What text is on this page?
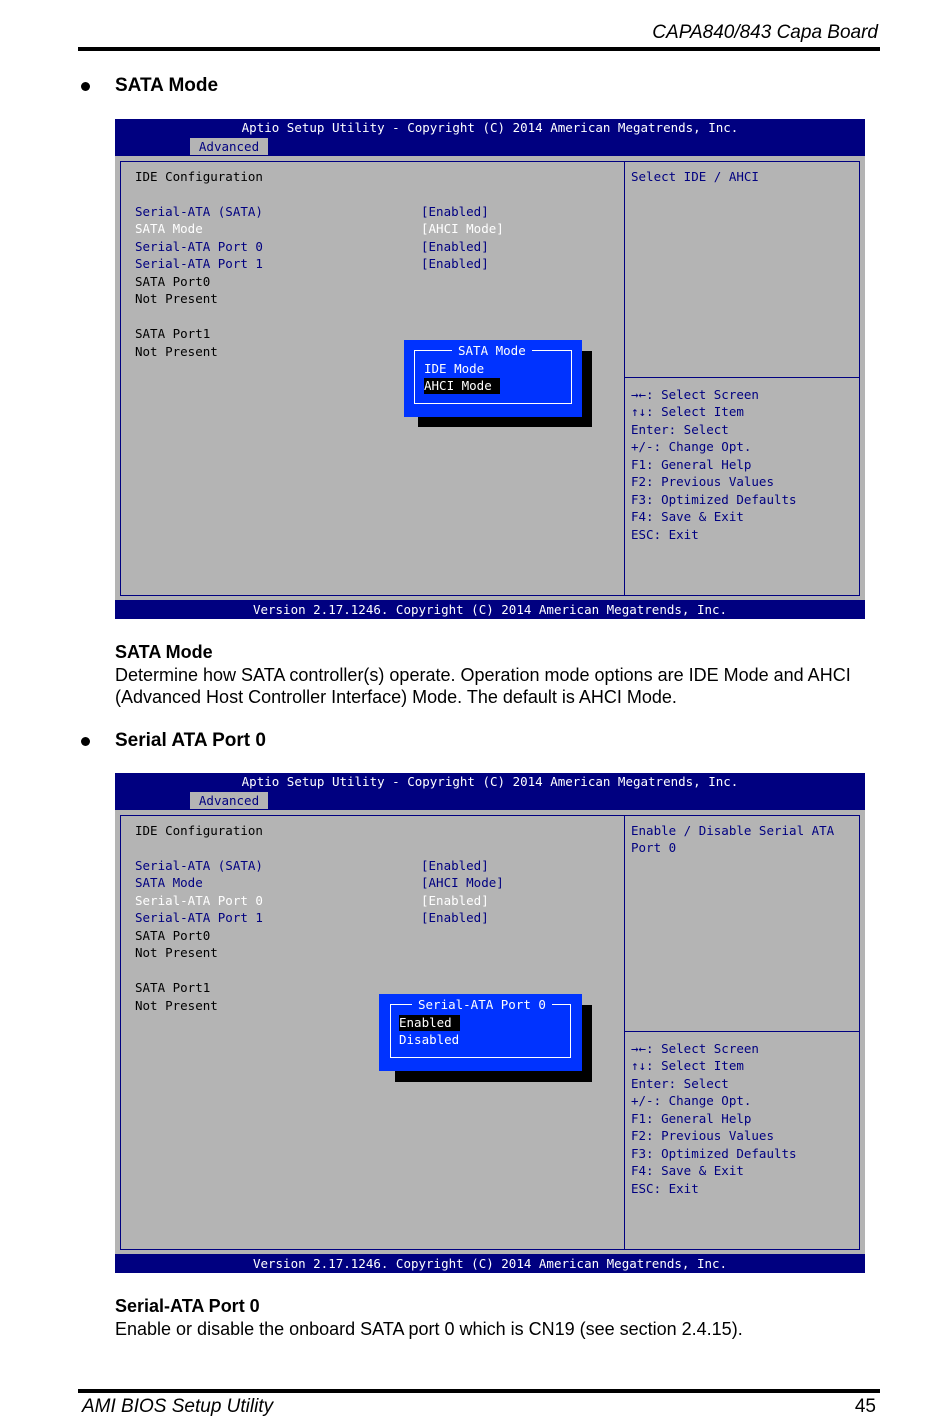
CAPA840/843 Capa Board
SATA Mode
Aptio Setup Utility - Copyright (C) 2014 American Megatrends, Inc.
Advanced
IDE Configuration
Serial-ATA (SATA)	[Enabled]
SATA Mode	[AHCI Mode]
Serial-ATA Port 0	[Enabled]
Serial-ATA Port 1	[Enabled]
SATA Port0
Not Present
SATA Port1
Not Present
Select IDE / AHCI
→←: Select Screen
↑↓: Select Item
Enter: Select
+/-: Change Opt.
F1: General Help
F2: Previous Values
F3: Optimized Defaults
F4: Save & Exit
ESC: Exit
SATA Mode
IDE Mode
AHCI Mode
Version 2.17.1246. Copyright (C) 2014 American Megatrends, Inc.
SATA Mode
Determine how SATA controller(s) operate. Operation mode options are IDE Mode and AHCI (Advanced Host Controller Interface) Mode. The default is AHCI Mode.
Serial ATA Port 0
Aptio Setup Utility - Copyright (C) 2014 American Megatrends, Inc.
Advanced
IDE Configuration
Serial-ATA (SATA)	[Enabled]
SATA Mode	[AHCI Mode]
Serial-ATA Port 0	[Enabled]
Serial-ATA Port 1	[Enabled]
SATA Port0
Not Present
SATA Port1
Not Present
Enable / Disable Serial ATA
Port 0
→←: Select Screen
↑↓: Select Item
Enter: Select
+/-: Change Opt.
F1: General Help
F2: Previous Values
F3: Optimized Defaults
F4: Save & Exit
ESC: Exit
Serial-ATA Port 0
Enabled
Disabled
Version 2.17.1246. Copyright (C) 2014 American Megatrends, Inc.
Serial-ATA Port 0
Enable or disable the onboard SATA port 0 which is CN19 (see section 2.4.15).
AMI BIOS Setup Utility	45
